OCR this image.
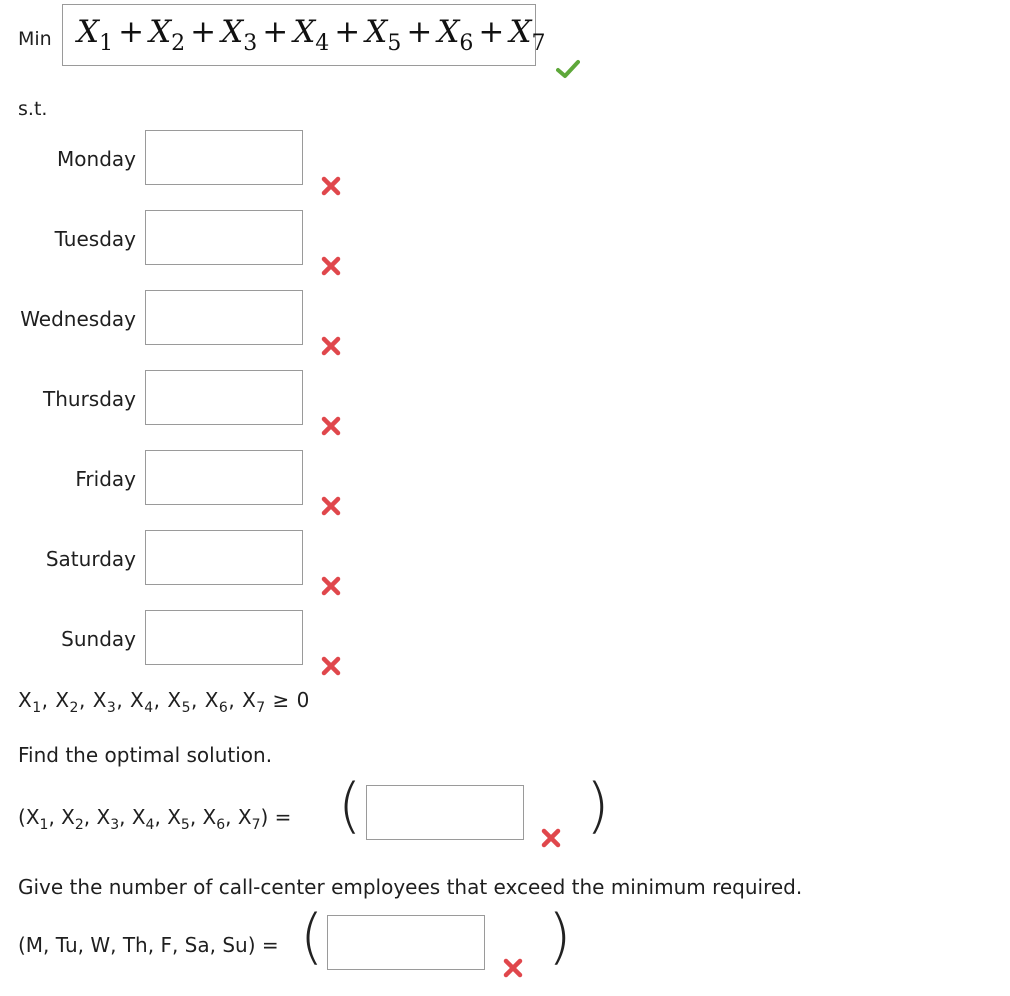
Min $X_1 + X_2 + X_3 + X_4 + X_5 + X_6 + X_7$
s.t.
Monday
Tuesday
Wednesday
Thursday
Friday
Saturday
Sunday
$X_1$, $X_2$, $X_3$, $X_4$, $X_5$, $X_6$, $X_7 \ge 0$
Find the optimal solution.
($X_1$, $X_2$, $X_3$, $X_4$, $X_5$, $X_6$, $X_7$) = (	)
Give the number of call-center employees that exceed the minimum required.
(M, Tu, W, Th, F, Sa, Su) = (	)
